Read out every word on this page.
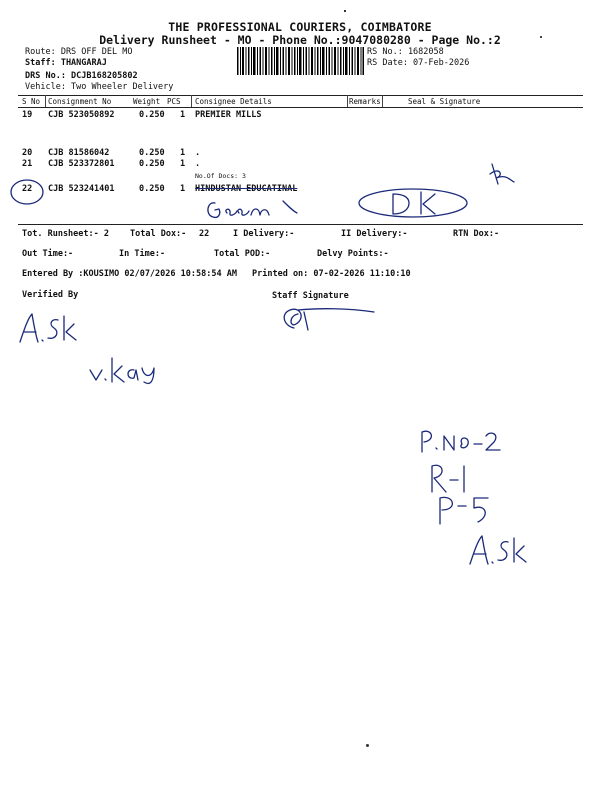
THE PROFESSIONAL COURIERS, COIMBATORE
Delivery Runsheet - MO - Phone No.:9047080280 - Page No.:2
Route: DRS OFF DEL MO
Staff: THANGARAJ
DRS No.: DCJB168205802
Vehicle: Two Wheeler Delivery
RS No.: 1682058
RS Date: 07-Feb-2026
S No Consignment No	Weight PCS Consignee Details	Remarks	Seal & Signature
19 CJB 523050892	0.250 1 PREMIER MILLS
20 CJB 81586042	0.250 1 .
21 CJB 523372801	0.250 1 .
No.Of Docs: 3
22 CJB 523241401	0.250 1 HINDUSTAN EDUCATINAL
Tot. Runsheet:- 2 Total Dox:- 22	I Delivery:-	II Delivery:-	RTN Dox:-
Out Time:-	In Time:-	Total POD:-	Delvy Points:-
Entered By :KOUSIMO 02/07/2026 10:58:54 AM Printed on: 07-02-2026 11:10:10
Verified By	Staff Signature
